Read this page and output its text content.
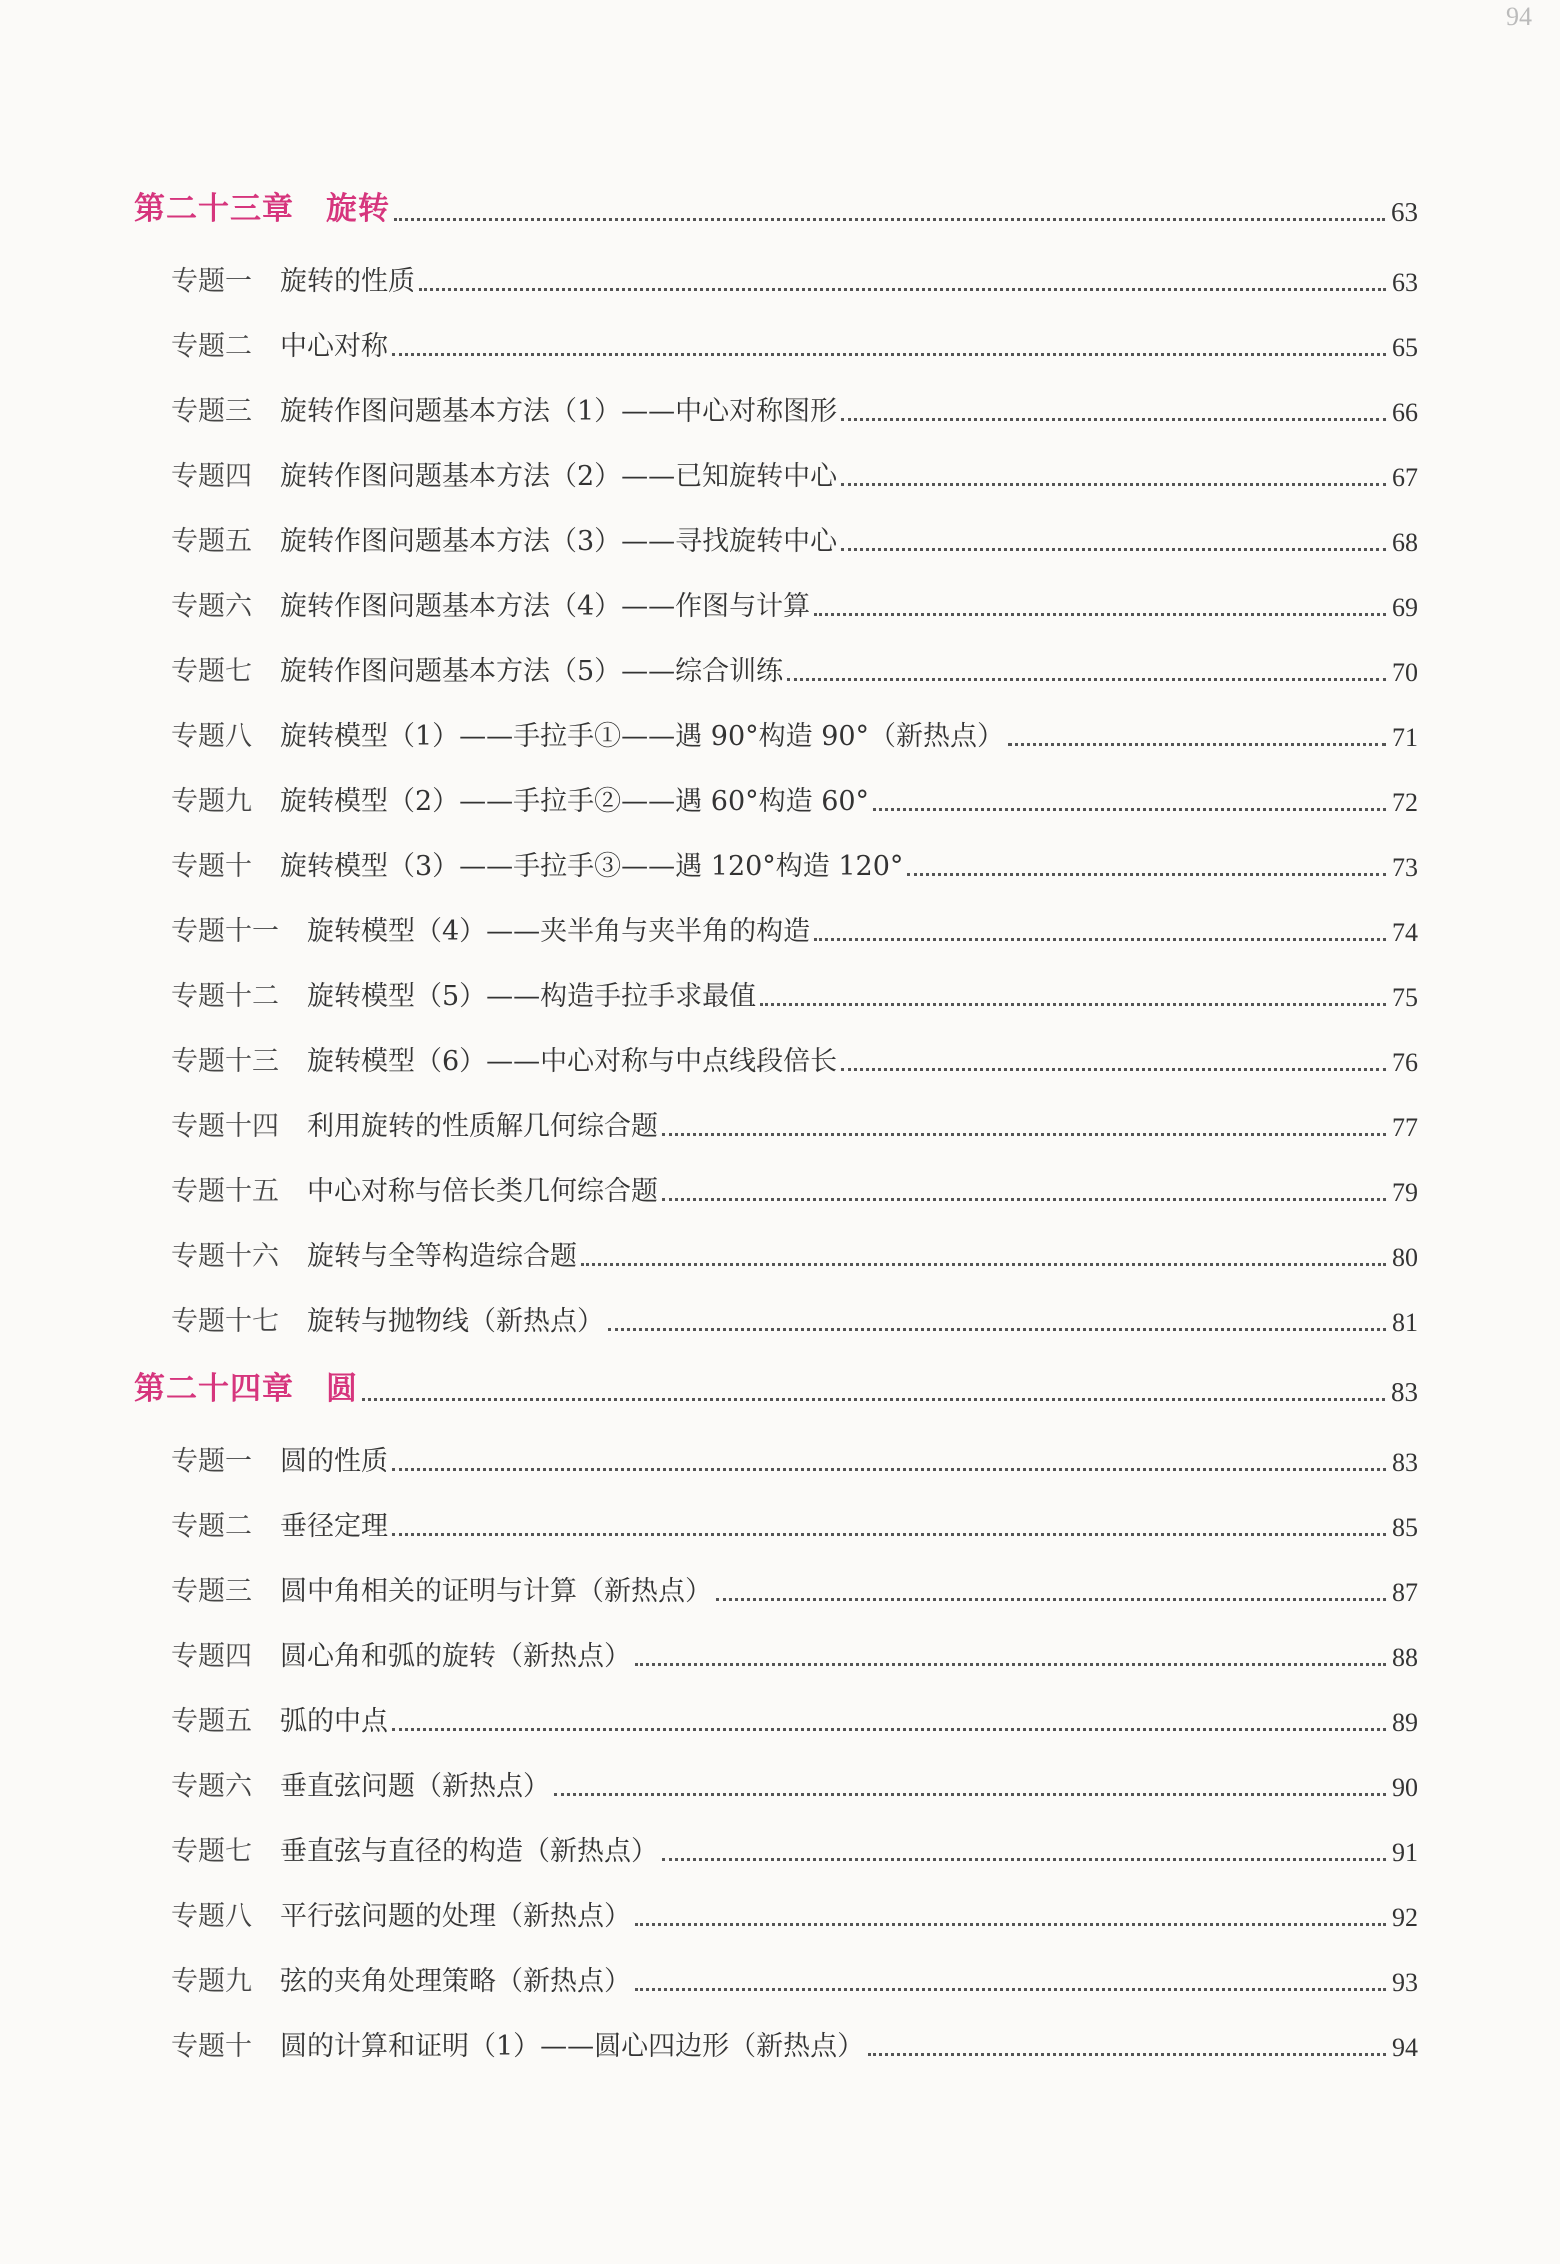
94
第二十三章　旋转	63
专题一 旋转的性质	63
专题二 中心对称	65
专题三 旋转作图问题基本方法（1）——中心对称图形	66
专题四 旋转作图问题基本方法（2）——已知旋转中心	67
专题五 旋转作图问题基本方法（3）——寻找旋转中心	68
专题六 旋转作图问题基本方法（4）——作图与计算	69
专题七 旋转作图问题基本方法（5）——综合训练	70
专题八 旋转模型（1）——手拉手①——遇 90°构造 90°（新热点）	71
专题九 旋转模型（2）——手拉手②——遇 60°构造 60°	72
专题十 旋转模型（3）——手拉手③——遇 120°构造 120°	73
专题十一 旋转模型（4）——夹半角与夹半角的构造	74
专题十二 旋转模型（5）——构造手拉手求最值	75
专题十三 旋转模型（6）——中心对称与中点线段倍长	76
专题十四 利用旋转的性质解几何综合题	77
专题十五 中心对称与倍长类几何综合题	79
专题十六 旋转与全等构造综合题	80
专题十七 旋转与抛物线（新热点）	81
第二十四章　圆	83
专题一 圆的性质	83
专题二 垂径定理	85
专题三 圆中角相关的证明与计算（新热点）	87
专题四 圆心角和弧的旋转（新热点）	88
专题五 弧的中点	89
专题六 垂直弦问题（新热点）	90
专题七 垂直弦与直径的构造（新热点）	91
专题八 平行弦问题的处理（新热点）	92
专题九 弦的夹角处理策略（新热点）	93
专题十 圆的计算和证明（1）——圆心四边形（新热点）	94
